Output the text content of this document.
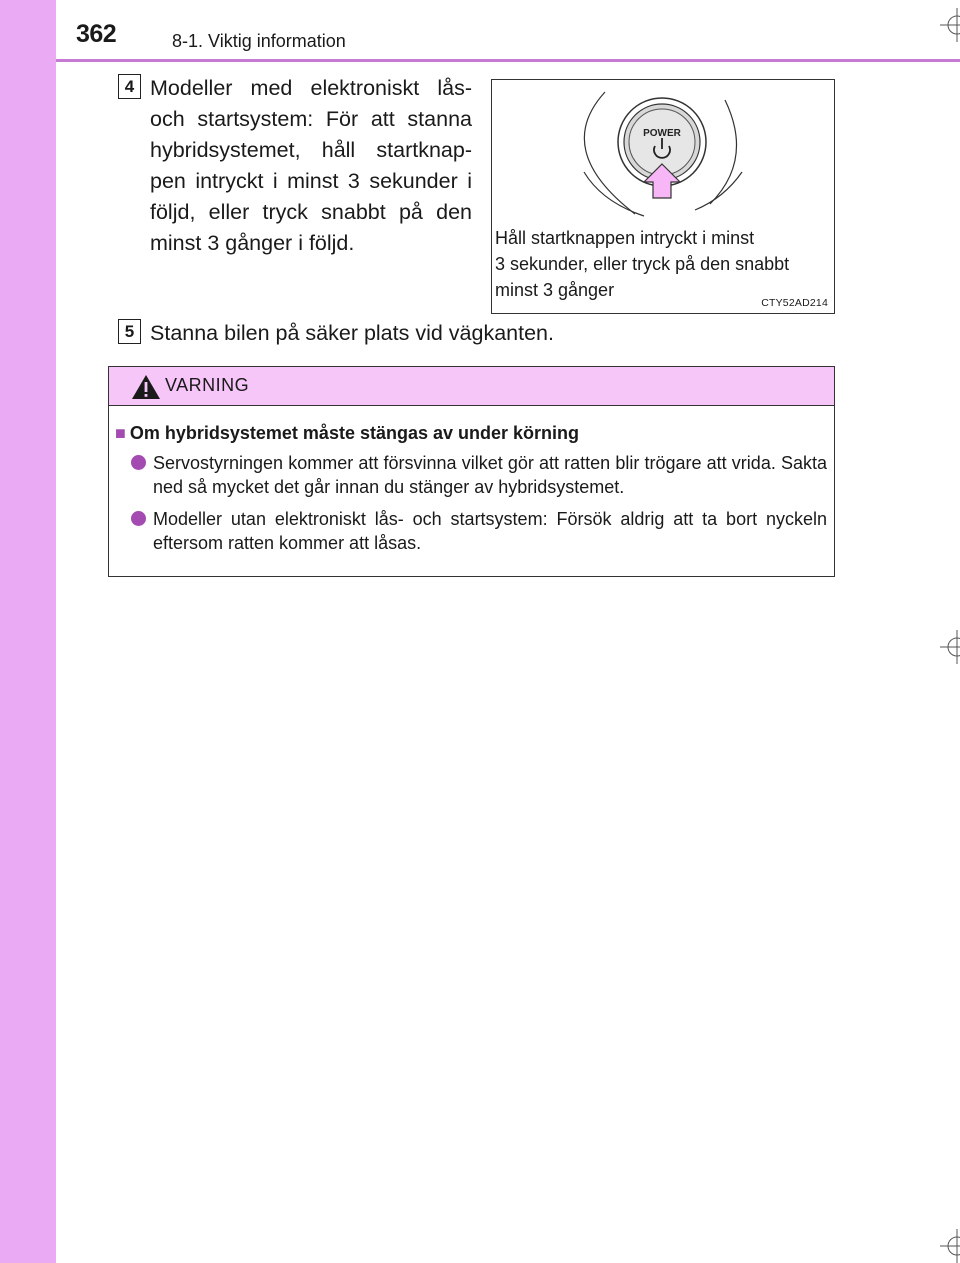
362	8-1. Viktig information
4 Modeller med elektroniskt lås- och startsystem: För att stanna hybridsystemet, håll startknap-pen intryckt i minst 3 sekunder i följd, eller tryck snabbt på den minst 3 gånger i följd.
POWER
Håll startknappen intryckt i minst
3 sekunder, eller tryck på den snabbt
minst 3 gånger
CTY52AD214
5 Stanna bilen på säker plats vid vägkanten.
VARNING
■ Om hybridsystemet måste stängas av under körning
Servostyrningen kommer att försvinna vilket gör att ratten blir trögare att vrida. Sakta ned så mycket det går innan du stänger av hybridsystemet.
Modeller utan elektroniskt lås- och startsystem: Försök aldrig att ta bort nyckeln eftersom ratten kommer att låsas.
